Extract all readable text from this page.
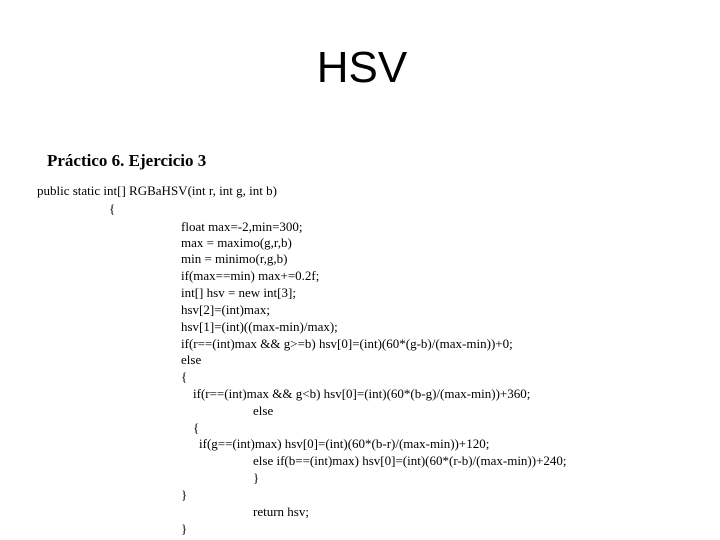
HSV
Práctico 6. Ejercicio 3
public static int[] RGBaHSV(int r, int g, int b)
{
float max=-2,min=300;
max = maximo(g,r,b)
min = minimo(r,g,b)
if(max==min) max+=0.2f;
int[] hsv = new int[3];
hsv[2]=(int)max;
hsv[1]=(int)((max-min)/max);
if(r==(int)max && g>=b) hsv[0]=(int)(60*(g-b)/(max-min))+0;
else
{
if(r==(int)max && g<b) hsv[0]=(int)(60*(b-g)/(max-min))+360;
else
{
if(g==(int)max) hsv[0]=(int)(60*(b-r)/(max-min))+120;
else if(b==(int)max) hsv[0]=(int)(60*(r-b)/(max-min))+240;
}
}
return hsv;
}
